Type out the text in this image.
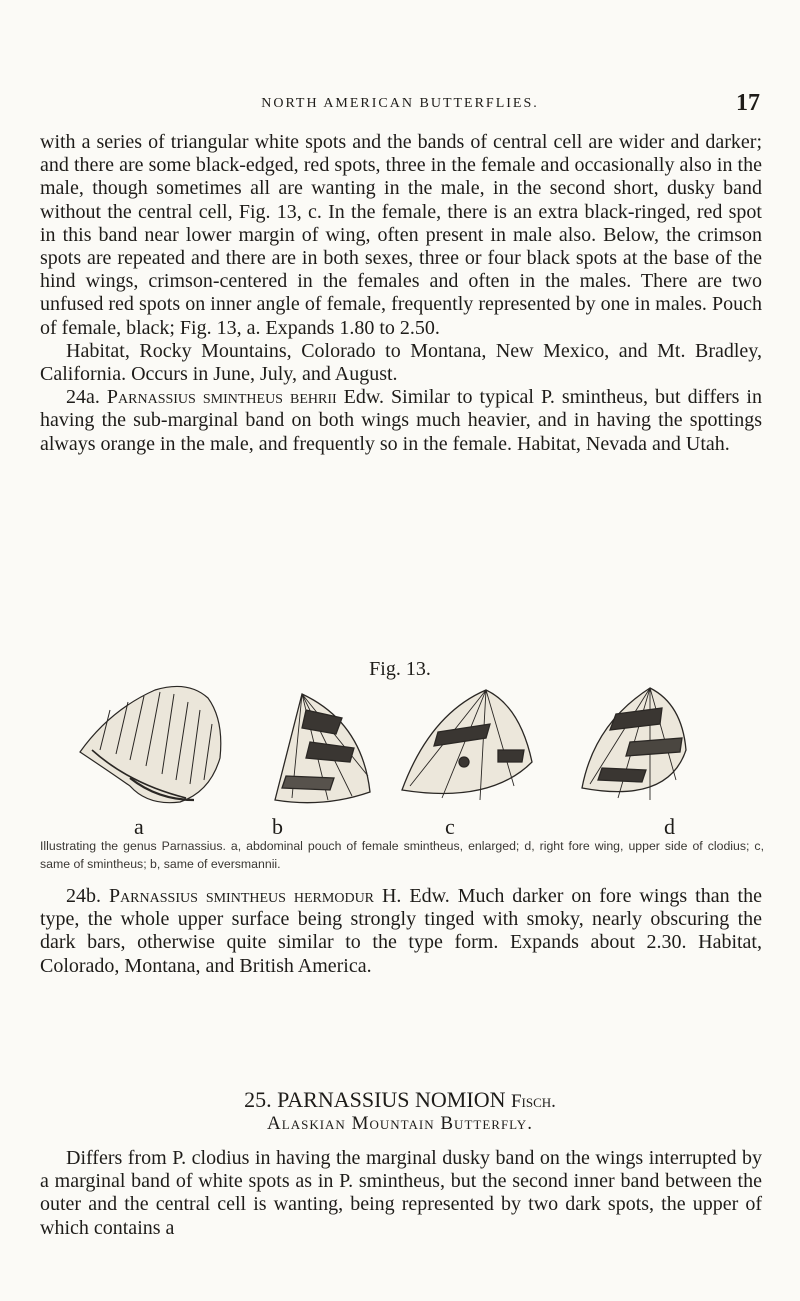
NORTH AMERICAN BUTTERFLIES.	17

with a series of triangular white spots and the bands of central cell are wider and darker; and there are some black-edged, red spots, three in the female and occasionally also in the male, though sometimes all are wanting in the male, in the second short, dusky band without the central cell, Fig. 13, c. In the female, there is an extra black-ringed, red spot in this band near lower margin of wing, often present in male also. Below, the crimson spots are repeated and there are in both sexes, three or four black spots at the base of the hind wings, crimson-centered in the females and often in the males. There are two unfused red spots on inner angle of female, frequently represented by one in males. Pouch of female, black; Fig. 13, a. Expands 1.80 to 2.50.

Habitat, Rocky Mountains, Colorado to Montana, New Mexico, and Mt. Bradley, California. Occurs in June, July, and August.

24a. Parnassius smintheus behrii Edw. Similar to typical P. smintheus, but differs in having the sub-marginal band on both wings much heavier, and in having the spottings always orange in the male, and frequently so in the female. Habitat, Nevada and Utah.

Fig. 13.
a	b	c	d
Illustrating the genus Parnassius. a, abdominal pouch of female smintheus, enlarged; d, right fore wing, upper side of clodius; c, same of smintheus; b, same of eversmannii.

24b. Parnassius smintheus hermodur H. Edw. Much darker on fore wings than the type, the whole upper surface being strongly tinged with smoky, nearly obscuring the dark bars, otherwise quite similar to the type form. Expands about 2.30. Habitat, Colorado, Montana, and British America.

25. PARNASSIUS NOMION Fisch.
Alaskian Mountain Butterfly.

Differs from P. clodius in having the marginal dusky band on the wings interrupted by a marginal band of white spots as in P. smintheus, but the second inner band between the outer and the central cell is wanting, being represented by two dark spots, the upper of which contains a
